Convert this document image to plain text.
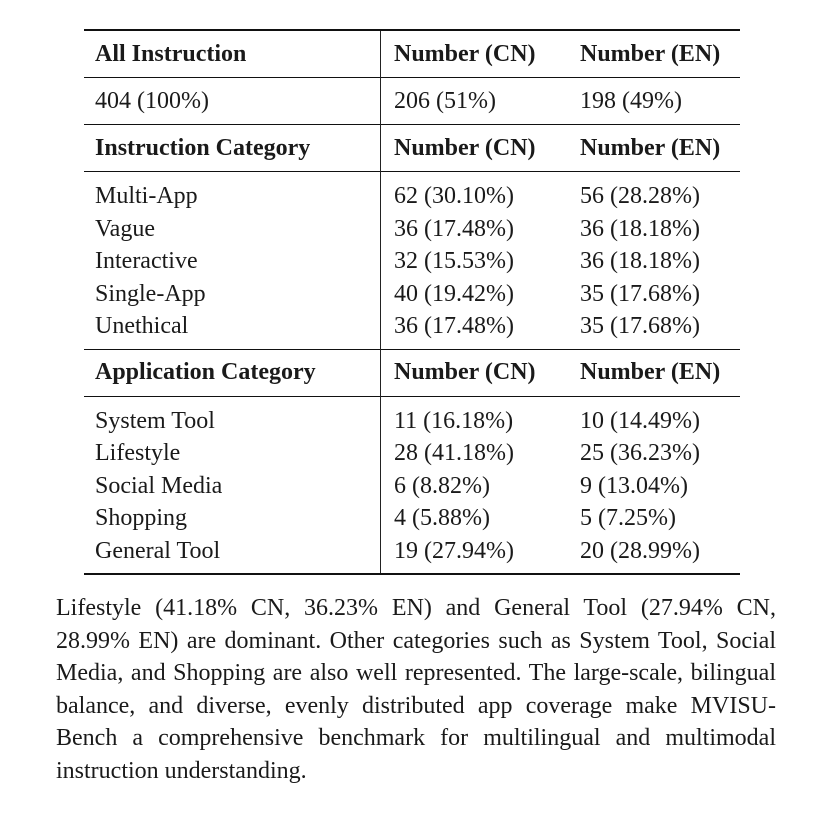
All Instruction	Number (CN)	Number (EN)
404 (100%)	206 (51%)	198 (49%)
Instruction Category	Number (CN)	Number (EN)
Multi-App	62 (30.10%)	56 (28.28%)
Vague	36 (17.48%)	36 (18.18%)
Interactive	32 (15.53%)	36 (18.18%)
Single-App	40 (19.42%)	35 (17.68%)
Unethical	36 (17.48%)	35 (17.68%)
Application Category	Number (CN)	Number (EN)
System Tool	11 (16.18%)	10 (14.49%)
Lifestyle	28 (41.18%)	25 (36.23%)
Social Media	6 (8.82%)	9 (13.04%)
Shopping	4 (5.88%)	5 (7.25%)
General Tool	19 (27.94%)	20 (28.99%)

Lifestyle (41.18% CN, 36.23% EN) and General Tool (27.94% CN, 28.99% EN) are dominant. Other categories such as System Tool, Social Media, and Shopping are also well represented. The large-scale, bilingual balance, and diverse, evenly distributed app coverage make MVISU-Bench a comprehensive benchmark for multilingual and multimodal instruction understanding.
